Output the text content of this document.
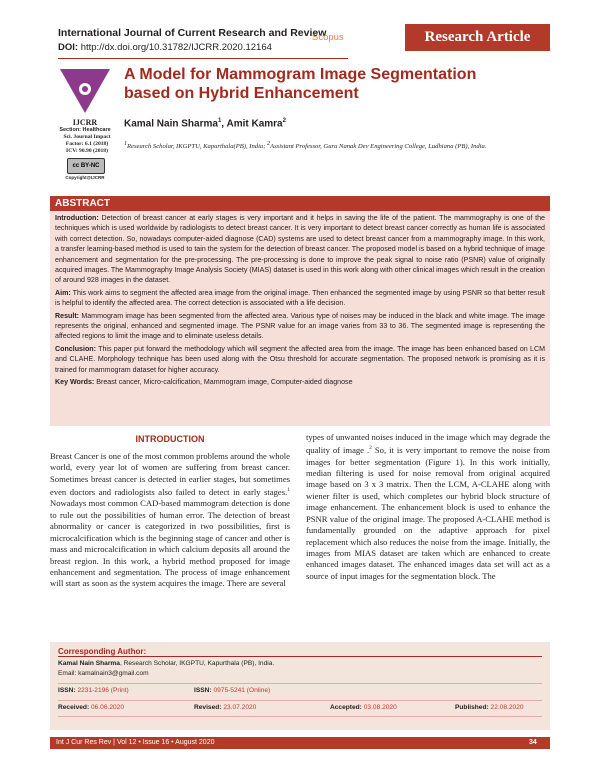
International Journal of Current Research and Review
DOI: http://dx.doi.org/10.31782/IJCRR.2020.12164
Scopus	Research Article
IJCRR
Section: Healthcare
Sci. Journal Impact
Factor: 6.1 (2018)
ICV: 90.90 (2018)
cc BY-NC
Copyright@IJCRR
A Model for Mammogram Image Segmentation based on Hybrid Enhancement
Kamal Nain Sharma$^1$, Amit Kamra$^2$
$^1$Research Scholar, IKGPTU, Kapurthala(PB), India; $^2$Assistant Professor, Guru Nanak Dev Engineering College, Ludhiana (PB), India.
ABSTRACT

Introduction: Detection of breast cancer at early stages is very important and it helps in saving the life of the patient. The mammography is one of the techniques which is used worldwide by radiologists to detect breast cancer. It is very important to detect breast cancer correctly as human life is associated with correct detection. So, nowadays computer-aided diagnose (CAD) systems are used to detect breast cancer from a mammography image. In this work, a transfer learning-based method is used to tain the system for the detection of breast cancer. The proposed model is based on a hybrid technique of image enhancement and segmentation for the pre-processing. The pre-processing is done to improve the peak signal to noise ratio (PSNR) value of originally acquired images. The Mammography Image Analysis Society (MIAS) dataset is used in this work along with other clinical images which result in the creation of around 928 images in the dataset.

Aim: This work aims to segment the affected area image from the original image. Then enhanced the segmented image by using PSNR so that better result is helpful to identify the affected area. The correct detection is associated with a life decision.

Result: Mammogram image has been segmented from the affected area. Various type of noises may be induced in the black and white image. The image represents the original, enhanced and segmented image. The PSNR value for an image varies from 33 to 36. The segmented image is representing the affected regions to limit the image and to eliminate useless details.

Conclusion: This paper put forward the methodology which will segment the affected area from the image. The image has been enhanced based on LCM and CLAHE. Morphology technique has been used along with the Otsu threshold for accurate segmentation. The proposed network is promising as it is trained for mammogram dataset for higher accuracy.

Key Words: Breast cancer, Micro-calcification, Mammogram image, Computer-aided diagnose

INTRODUCTION
Breast Cancer is one of the most common problems around the whole world, every year lot of women are suffering from breast cancer. Sometimes breast cancer is detected in earlier stages, but sometimes even doctors and radiologists also failed to detect in early stages.$^1$ Nowadays most common CAD-based mammogram detection is done to rule out the possibilities of human error. The detection of breast abnormality or cancer is categorized in two possibilities, first is microcalcification which is the beginning stage of cancer and other is mass and microcalcification in which calcium deposits all around the breast region. In this work, a hybrid method proposed for image enhancement and segmentation. The process of image enhancement will start as soon as the system acquires the image. There are several
types of unwanted noises induced in the image which may degrade the quality of image .$^2$ So, it is very important to remove the noise from images for better segmentation (Figure 1). In this work initially, median filtering is used for noise removal from original acquired image based on 3 x 3 matrix. Then the LCM, A-CLAHE along with wiener filter is used, which completes our hybrid block structure of image enhancement. The enhancement block is used to enhance the PSNR value of the original image. The proposed A-CLAHE method is fundamentally grounded on the adaptive approach for pixel replacement which also reduces the noise from the image. Initially, the images from MIAS dataset are taken which are enhanced to create enhanced images dataset. The enhanced images data set will act as a source of input images for the segmentation block. The
Corresponding Author:
Kamal Nain Sharma, Research Scholar, IKGPTU, Kapurthala (PB), India.
Email: kamalnain3@gmail.com
ISSN: 2231-2196 (Print)	ISSN: 0975-5241 (Online)
Received: 06.06.2020	Revised: 23.07.2020	Accepted: 03.08.2020	Published: 22.08.2020
Int J Cur Res Rev | Vol 12 • Issue 16 • August 2020	34
